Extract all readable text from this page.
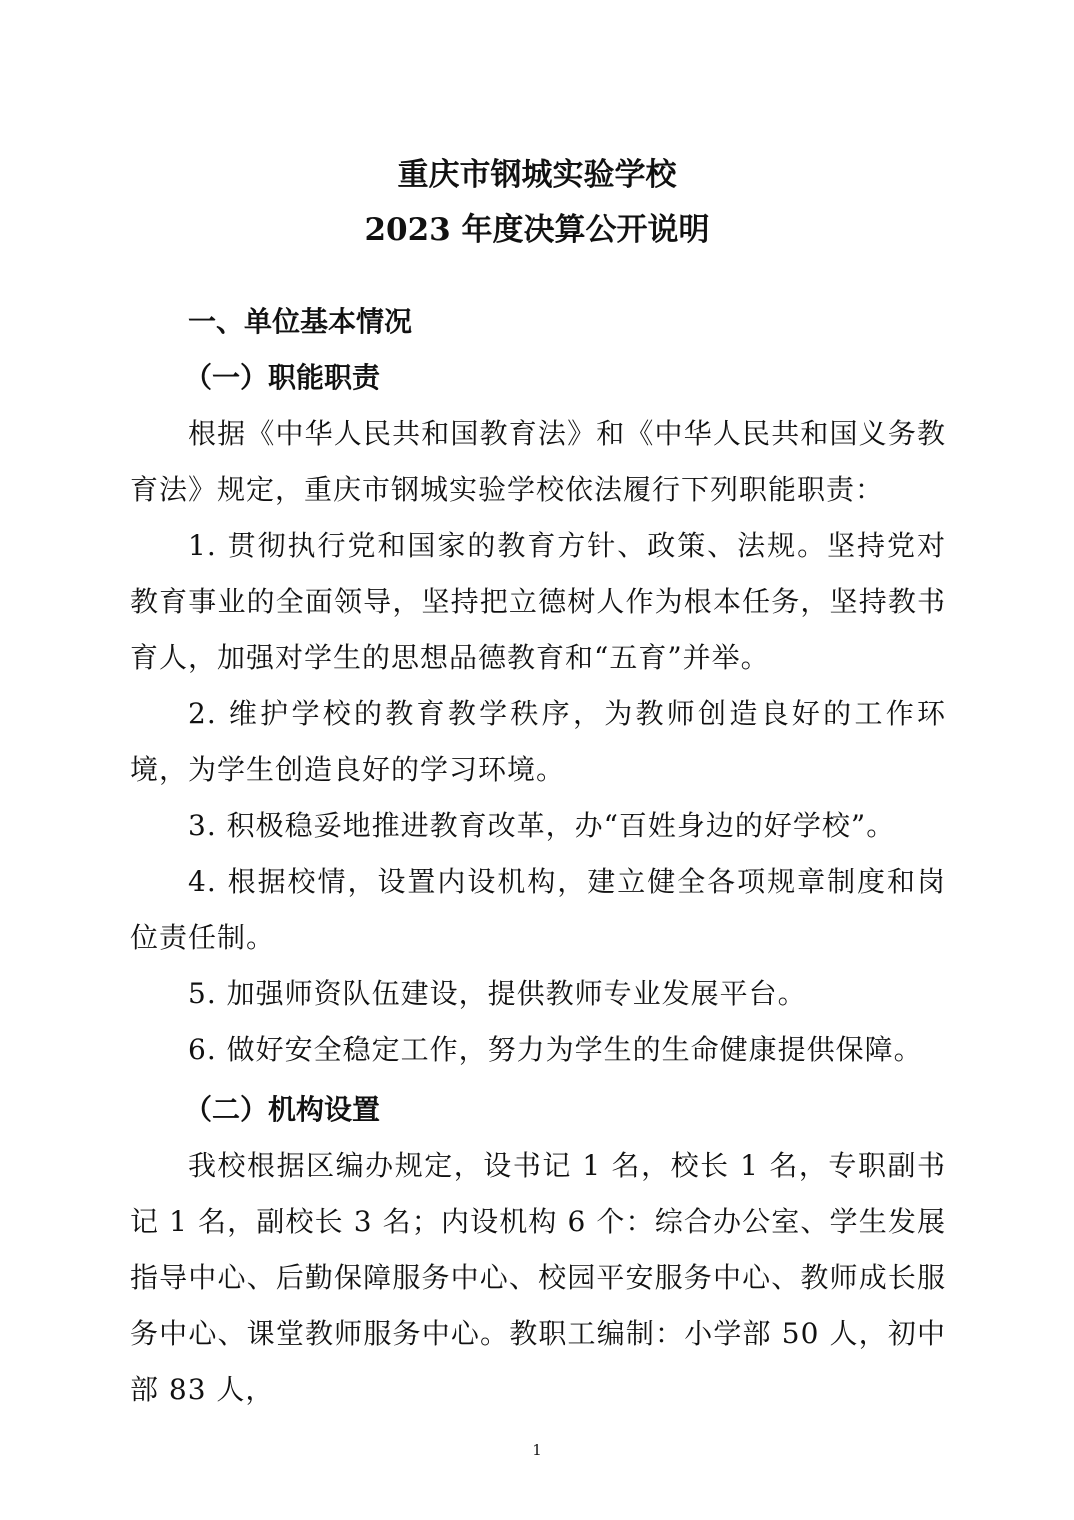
重庆市钢城实验学校
2023 年度决算公开说明
一、单位基本情况
（一）职能职责

根据《中华人民共和国教育法》和《中华人民共和国义务教育法》规定，重庆市钢城实验学校依法履行下列职能职责：

1. 贯彻执行党和国家的教育方针、政策、法规。坚持党对教育事业的全面领导，坚持把立德树人作为根本任务，坚持教书育人，加强对学生的思想品德教育和“五育”并举。

2. 维护学校的教育教学秩序，为教师创造良好的工作环境，为学生创造良好的学习环境。

3. 积极稳妥地推进教育改革，办“百姓身边的好学校”。

4. 根据校情，设置内设机构，建立健全各项规章制度和岗位责任制。

5. 加强师资队伍建设，提供教师专业发展平台。

6. 做好安全稳定工作，努力为学生的生命健康提供保障。

（二）机构设置

我校根据区编办规定，设书记 1 名，校长 1 名，专职副书记 1 名，副校长 3 名；内设机构 6 个：综合办公室、学生发展指导中心、后勤保障服务中心、校园平安服务中心、教师成长服务中心、课堂教师服务中心。教职工编制：小学部 50 人，初中部 83 人，

1
